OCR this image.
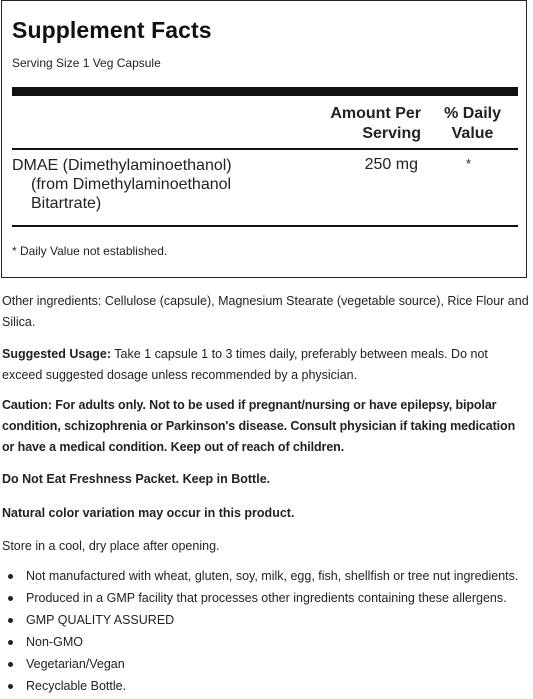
Supplement Facts
Serving Size 1 Veg Capsule
Amount Per
Serving
% Daily
Value
DMAE (Dimethylaminoethanol)
(from Dimethylaminoethanol
Bitartrate)
250 mg	*
* Daily Value not established.
Other ingredients: Cellulose (capsule), Magnesium Stearate (vegetable source), Rice Flour and Silica.
Suggested Usage: Take 1 capsule 1 to 3 times daily, preferably between meals. Do not exceed suggested dosage unless recommended by a physician.
Caution: For adults only. Not to be used if pregnant/nursing or have epilepsy, bipolar condition, schizophrenia or Parkinson's disease. Consult physician if taking medication or have a medical condition. Keep out of reach of children.
Do Not Eat Freshness Packet. Keep in Bottle.
Natural color variation may occur in this product.
Store in a cool, dry place after opening.
Not manufactured with wheat, gluten, soy, milk, egg, fish, shellfish or tree nut ingredients.
Produced in a GMP facility that processes other ingredients containing these allergens.
GMP QUALITY ASSURED
Non-GMO
Vegetarian/Vegan
Recyclable Bottle.
